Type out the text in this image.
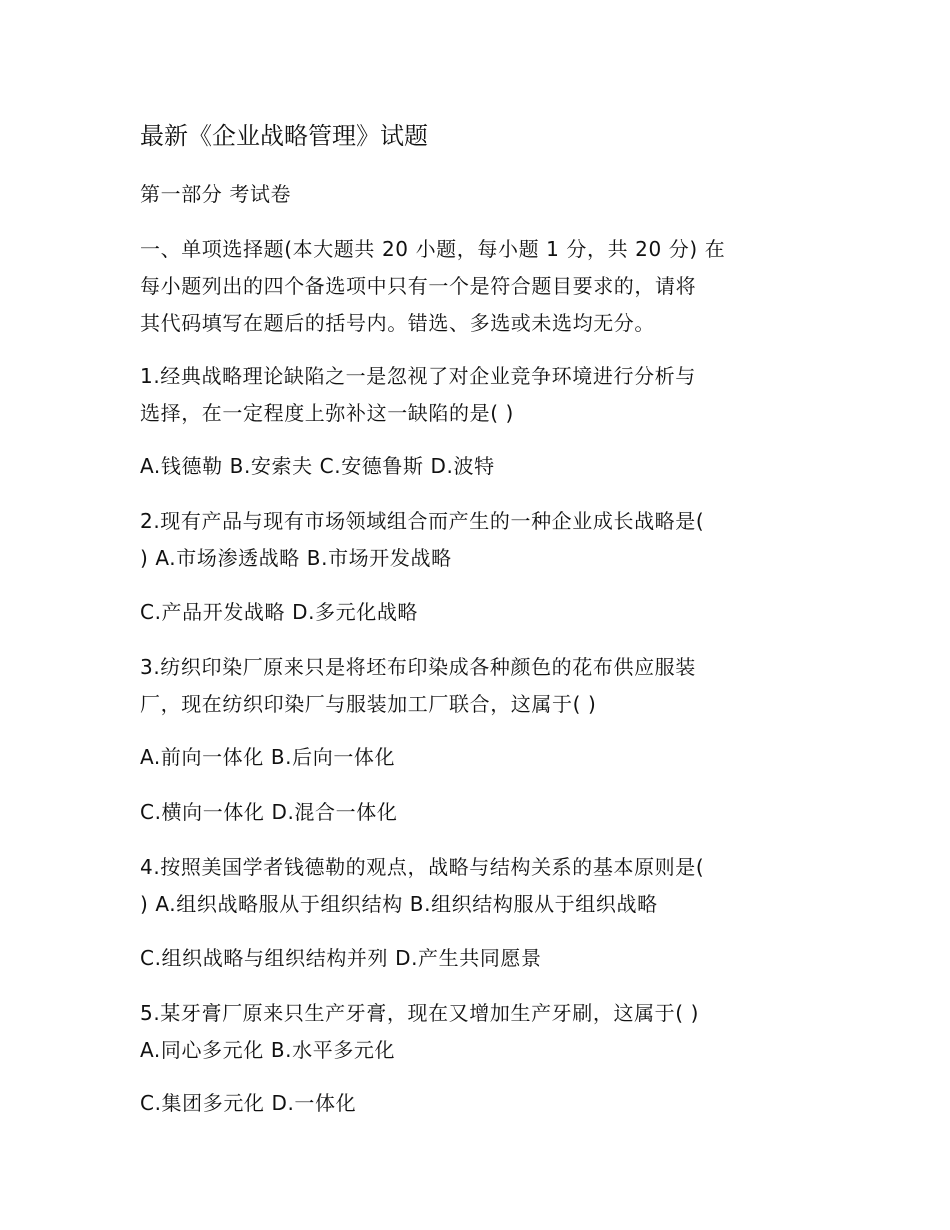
最新《企业战略管理》试题
第一部分 考试卷
一、单项选择题(本大题共 20 小题，每小题 1 分，共 20 分) 在
每小题列出的四个备选项中只有一个是符合题目要求的，请将
其代码填写在题后的括号内。错选、多选或未选均无分。
1.经典战略理论缺陷之一是忽视了对企业竞争环境进行分析与
选择，在一定程度上弥补这一缺陷的是( )
A.钱德勒 B.安索夫 C.安德鲁斯 D.波特
2.现有产品与现有市场领域组合而产生的一种企业成长战略是(
) A.市场渗透战略 B.市场开发战略
C.产品开发战略 D.多元化战略
3.纺织印染厂原来只是将坯布印染成各种颜色的花布供应服装
厂，现在纺织印染厂与服装加工厂联合，这属于( )
A.前向一体化 B.后向一体化
C.横向一体化 D.混合一体化
4.按照美国学者钱德勒的观点，战略与结构关系的基本原则是(
) A.组织战略服从于组织结构 B.组织结构服从于组织战略
C.组织战略与组织结构并列 D.产生共同愿景
5.某牙膏厂原来只生产牙膏，现在又增加生产牙刷，这属于( )
A.同心多元化 B.水平多元化
C.集团多元化 D.一体化
